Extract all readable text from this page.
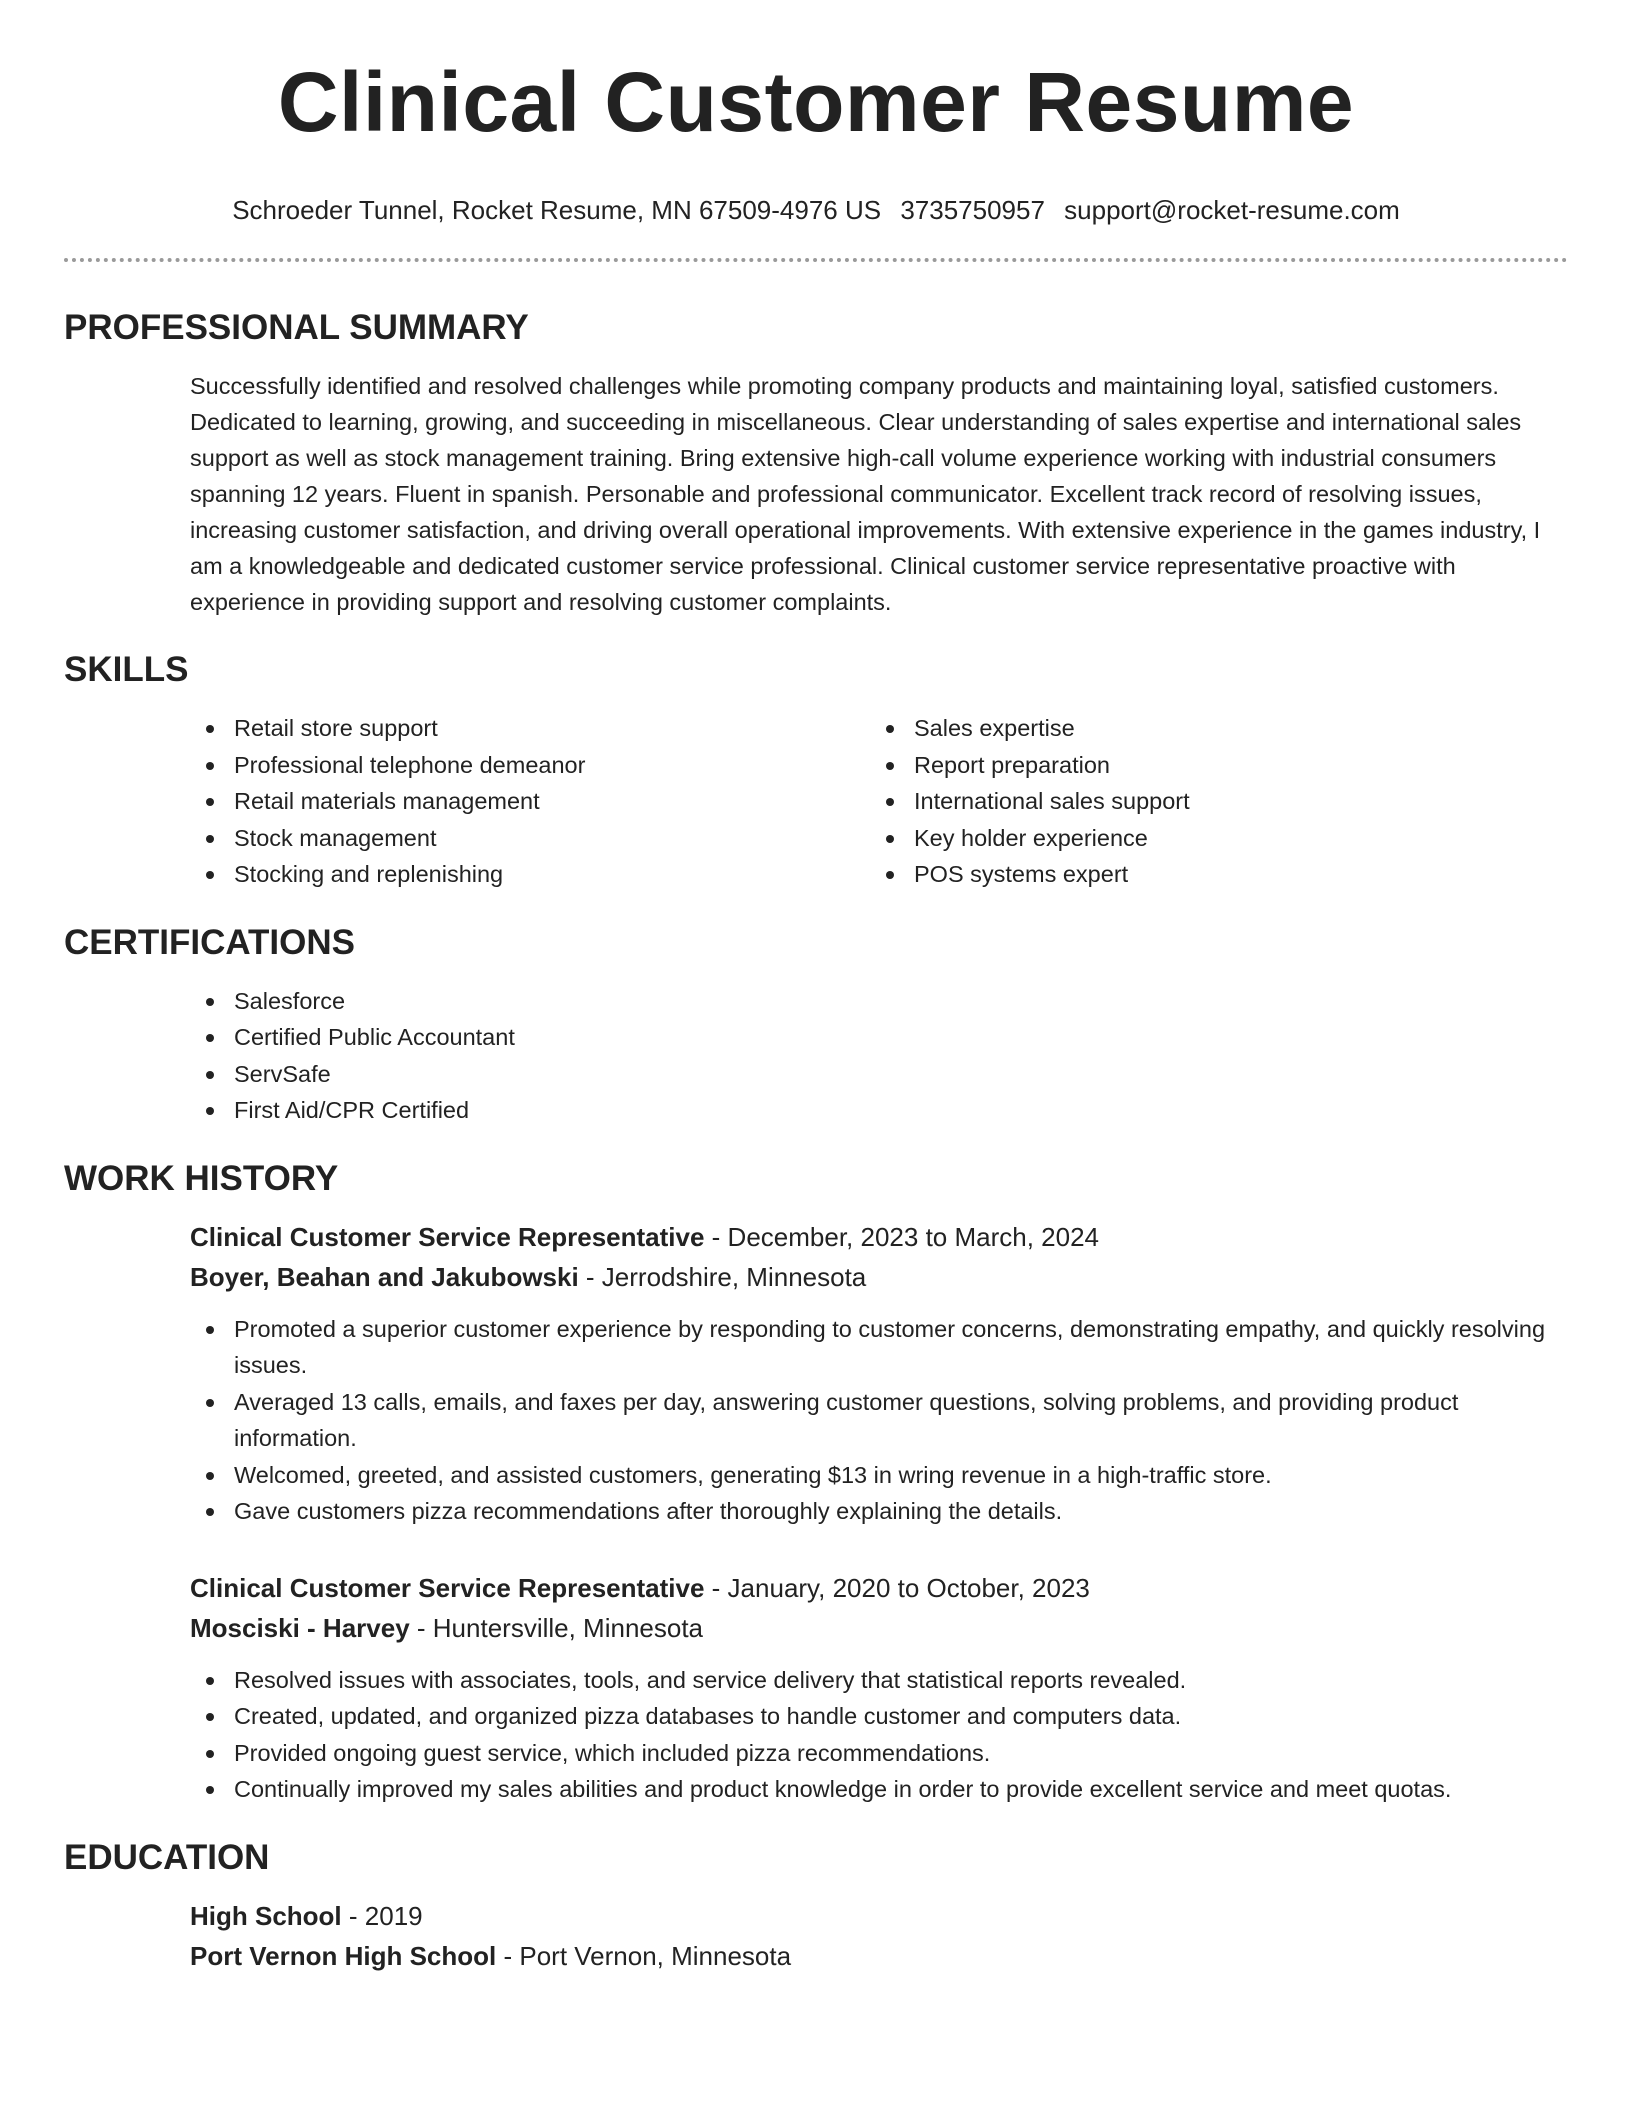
Clinical Customer Resume
Schroeder Tunnel, Rocket Resume, MN 67509-4976 US 3735750957 support@rocket-resume.com
PROFESSIONAL SUMMARY

Successfully identified and resolved challenges while promoting company products and maintaining loyal, satisfied customers. Dedicated to learning, growing, and succeeding in miscellaneous. Clear understanding of sales expertise and international sales support as well as stock management training. Bring extensive high-call volume experience working with industrial consumers spanning 12 years. Fluent in spanish. Personable and professional communicator. Excellent track record of resolving issues, increasing customer satisfaction, and driving overall operational improvements. With extensive experience in the games industry, I am a knowledgeable and dedicated customer service professional. Clinical customer service representative proactive with experience in providing support and resolving customer complaints.

SKILLS
Retail store support
Professional telephone demeanor
Retail materials management
Stock management
Stocking and replenishing
Sales expertise
Report preparation
International sales support
Key holder experience
POS systems expert
CERTIFICATIONS
Salesforce
Certified Public Accountant
ServSafe
First Aid/CPR Certified
WORK HISTORY
Clinical Customer Service Representative - December, 2023 to March, 2024
Boyer, Beahan and Jakubowski - Jerrodshire, Minnesota
Promoted a superior customer experience by responding to customer concerns, demonstrating empathy, and quickly resolving issues.
Averaged 13 calls, emails, and faxes per day, answering customer questions, solving problems, and providing product information.
Welcomed, greeted, and assisted customers, generating $13 in wring revenue in a high-traffic store.
Gave customers pizza recommendations after thoroughly explaining the details.
Clinical Customer Service Representative - January, 2020 to October, 2023
Mosciski - Harvey - Huntersville, Minnesota
Resolved issues with associates, tools, and service delivery that statistical reports revealed.
Created, updated, and organized pizza databases to handle customer and computers data.
Provided ongoing guest service, which included pizza recommendations.
Continually improved my sales abilities and product knowledge in order to provide excellent service and meet quotas.
EDUCATION
High School - 2019
Port Vernon High School - Port Vernon, Minnesota
